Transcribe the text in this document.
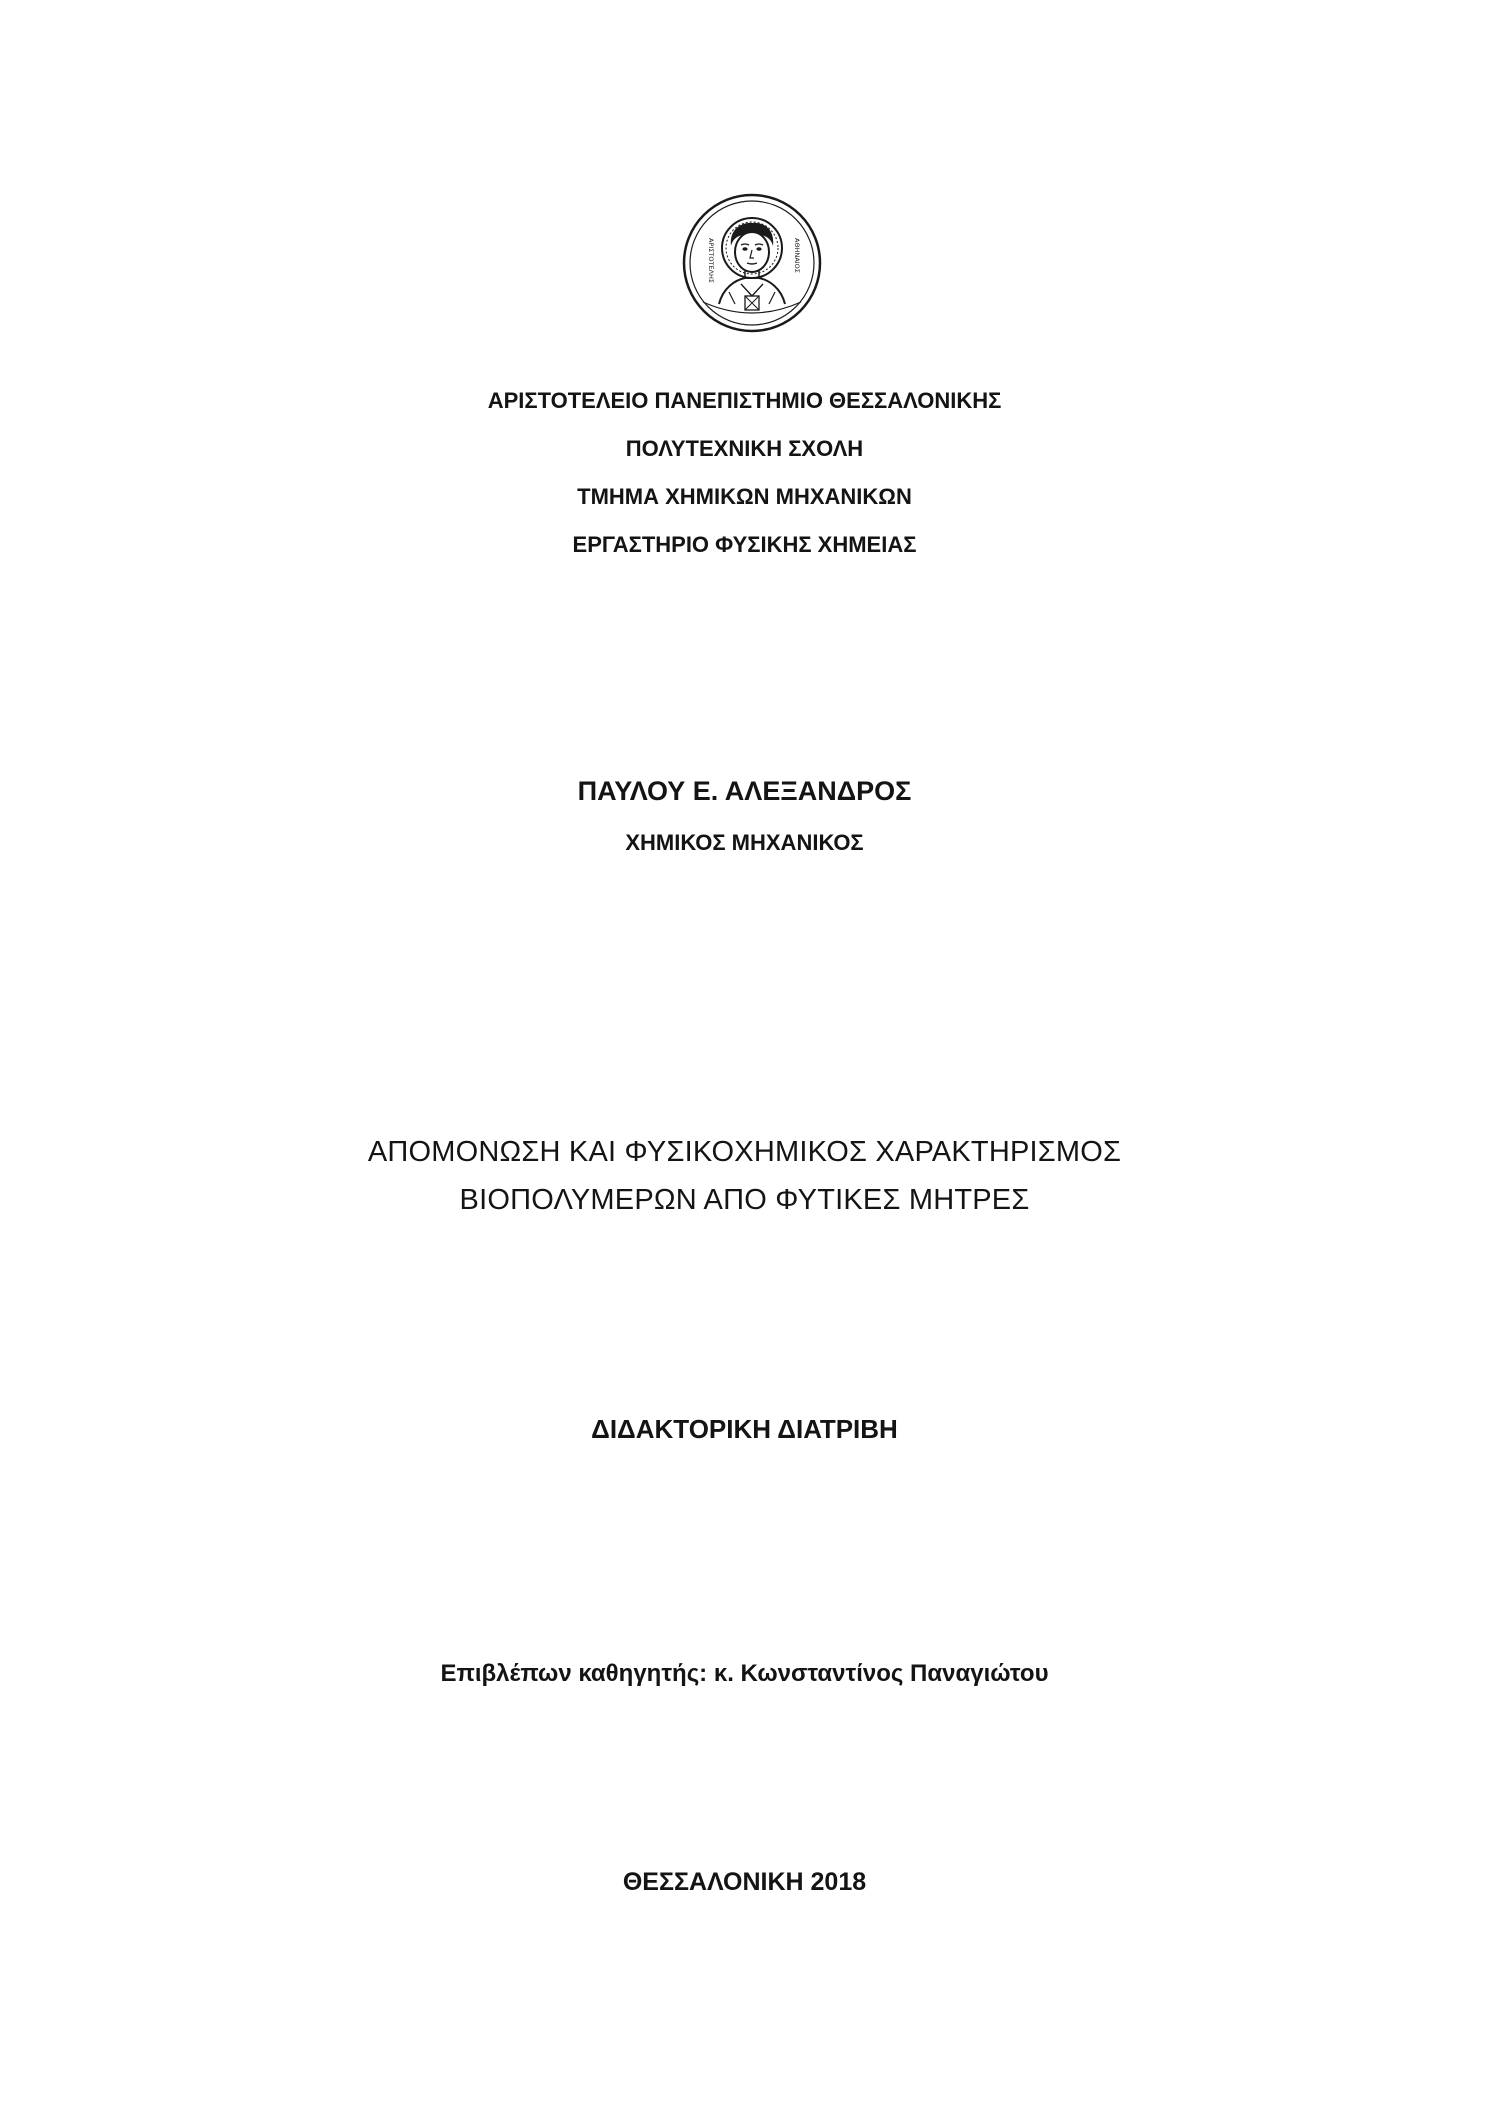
ΑΡΙΣΤΟΤΕΛΗΣ	ΑΘΗΝΑΙΟΣ
ΑΡΙΣΤΟΤΕΛΕΙΟ ΠΑΝΕΠΙΣΤΗΜΙΟ ΘΕΣΣΑΛΟΝΙΚΗΣ
ΠΟΛΥΤΕΧΝΙΚΗ ΣΧΟΛΗ
ΤΜΗΜΑ ΧΗΜΙΚΩΝ ΜΗΧΑΝΙΚΩΝ
ΕΡΓΑΣΤΗΡΙΟ ΦΥΣΙΚΗΣ ΧΗΜΕΙΑΣ
ΠΑΥΛΟΥ Ε. ΑΛΕΞΑΝΔΡΟΣ
ΧΗΜΙΚΟΣ ΜΗΧΑΝΙΚΟΣ
ΑΠΟΜΟΝΩΣΗ ΚΑΙ ΦΥΣΙΚΟΧΗΜΙΚΟΣ ΧΑΡΑΚΤΗΡΙΣΜΟΣ
ΒΙΟΠΟΛΥΜΕΡΩΝ ΑΠΟ ΦΥΤΙΚΕΣ ΜΗΤΡΕΣ
ΔΙΔΑΚΤΟΡΙΚΗ ΔΙΑΤΡΙΒΗ
Επιβλέπων καθηγητής: κ. Κωνσταντίνος Παναγιώτου
ΘΕΣΣΑΛΟΝΙΚΗ 2018
